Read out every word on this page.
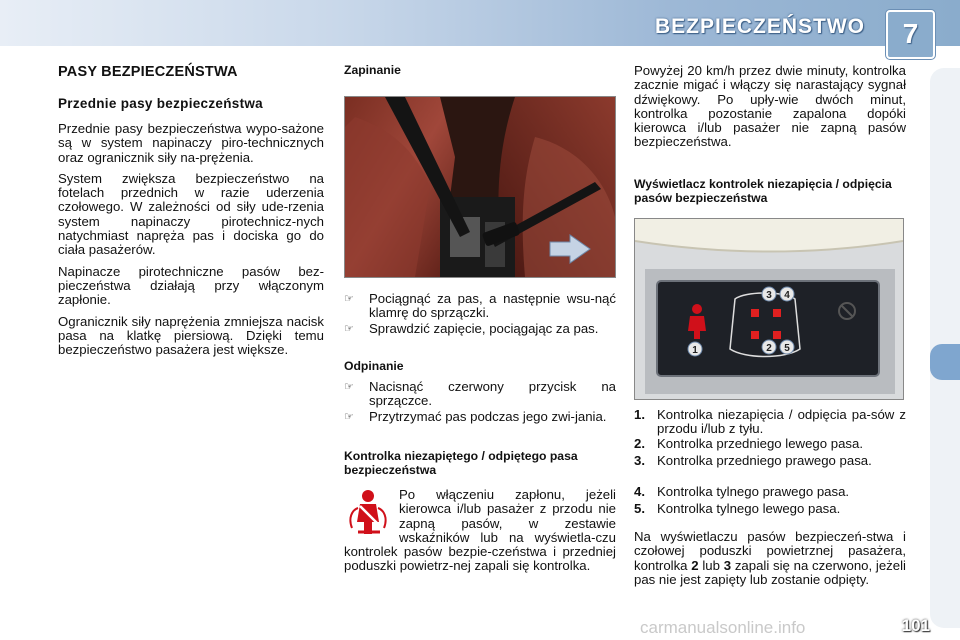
BEZPIECZEŃSTWO	7
PASY BEZPIECZEŃSTWA
Przednie pasy bezpieczeństwa

Przednie pasy bezpieczeństwa wypo-sażone są w system napinaczy piro-technicznych oraz ogranicznik siły na-prężenia.

System zwiększa bezpieczeństwo na fotelach przednich w razie uderzenia czołowego. W zależności od siły ude-rzenia system napinaczy pirotechnicz-nych natychmiast napręża pas i dociska go do ciała pasażerów.

Napinacze pirotechniczne pasów bez-pieczeństwa działają przy włączonym zapłonie.

Ogranicznik siły naprężenia zmniejsza nacisk pasa na klatkę piersiową. Dzięki temu bezpieczeństwo pasażera jest większe.

Zapinanie
☞ Pociągnąć za pas, a następnie wsu-nąć klamrę do sprzączki.
☞ Sprawdzić zapięcie, pociągając za pas.
Odpinanie
☞ Nacisnąć czerwony przycisk na sprzączce.
☞ Przytrzymać pas podczas jego zwi-jania.
Kontrolka niezapiętego / odpiętego pasa bezpieczeństwa
Po włączeniu zapłonu, jeżeli kierowca i/lub pasażer z przodu nie zapną pasów, w zestawie wskaźników lub na wyświetla-czu kontrolek pasów bezpie-czeństwa i przedniej poduszki powietrz-nej zapali się kontrolka.
Powyżej 20 km/h przez dwie minuty, kontrolka zacznie migać i włączy się narastający sygnał dźwiękowy. Po upły-wie dwóch minut, kontrolka pozostanie zapalona dopóki kierowca i/lub pasażer nie zapną pasów bezpieczeństwa.
Wyświetlacz kontrolek niezapięcia / odpięcia pasów bezpieczeństwa
3 4
1	2 5
1. Kontrolka niezapięcia / odpięcia pa-sów z przodu i/lub z tyłu.
2. Kontrolka przedniego lewego pasa.
3. Kontrolka przedniego prawego pasa.
4. Kontrolka tylnego prawego pasa.
5. Kontrolka tylnego lewego pasa.
Na wyświetlaczu pasów bezpieczeń-stwa i czołowej poduszki powietrznej pasażera, kontrolka 2 lub 3 zapali się na czerwono, jeżeli pas nie jest zapięty lub zostanie odpięty.
carmanualsonline.info	101
